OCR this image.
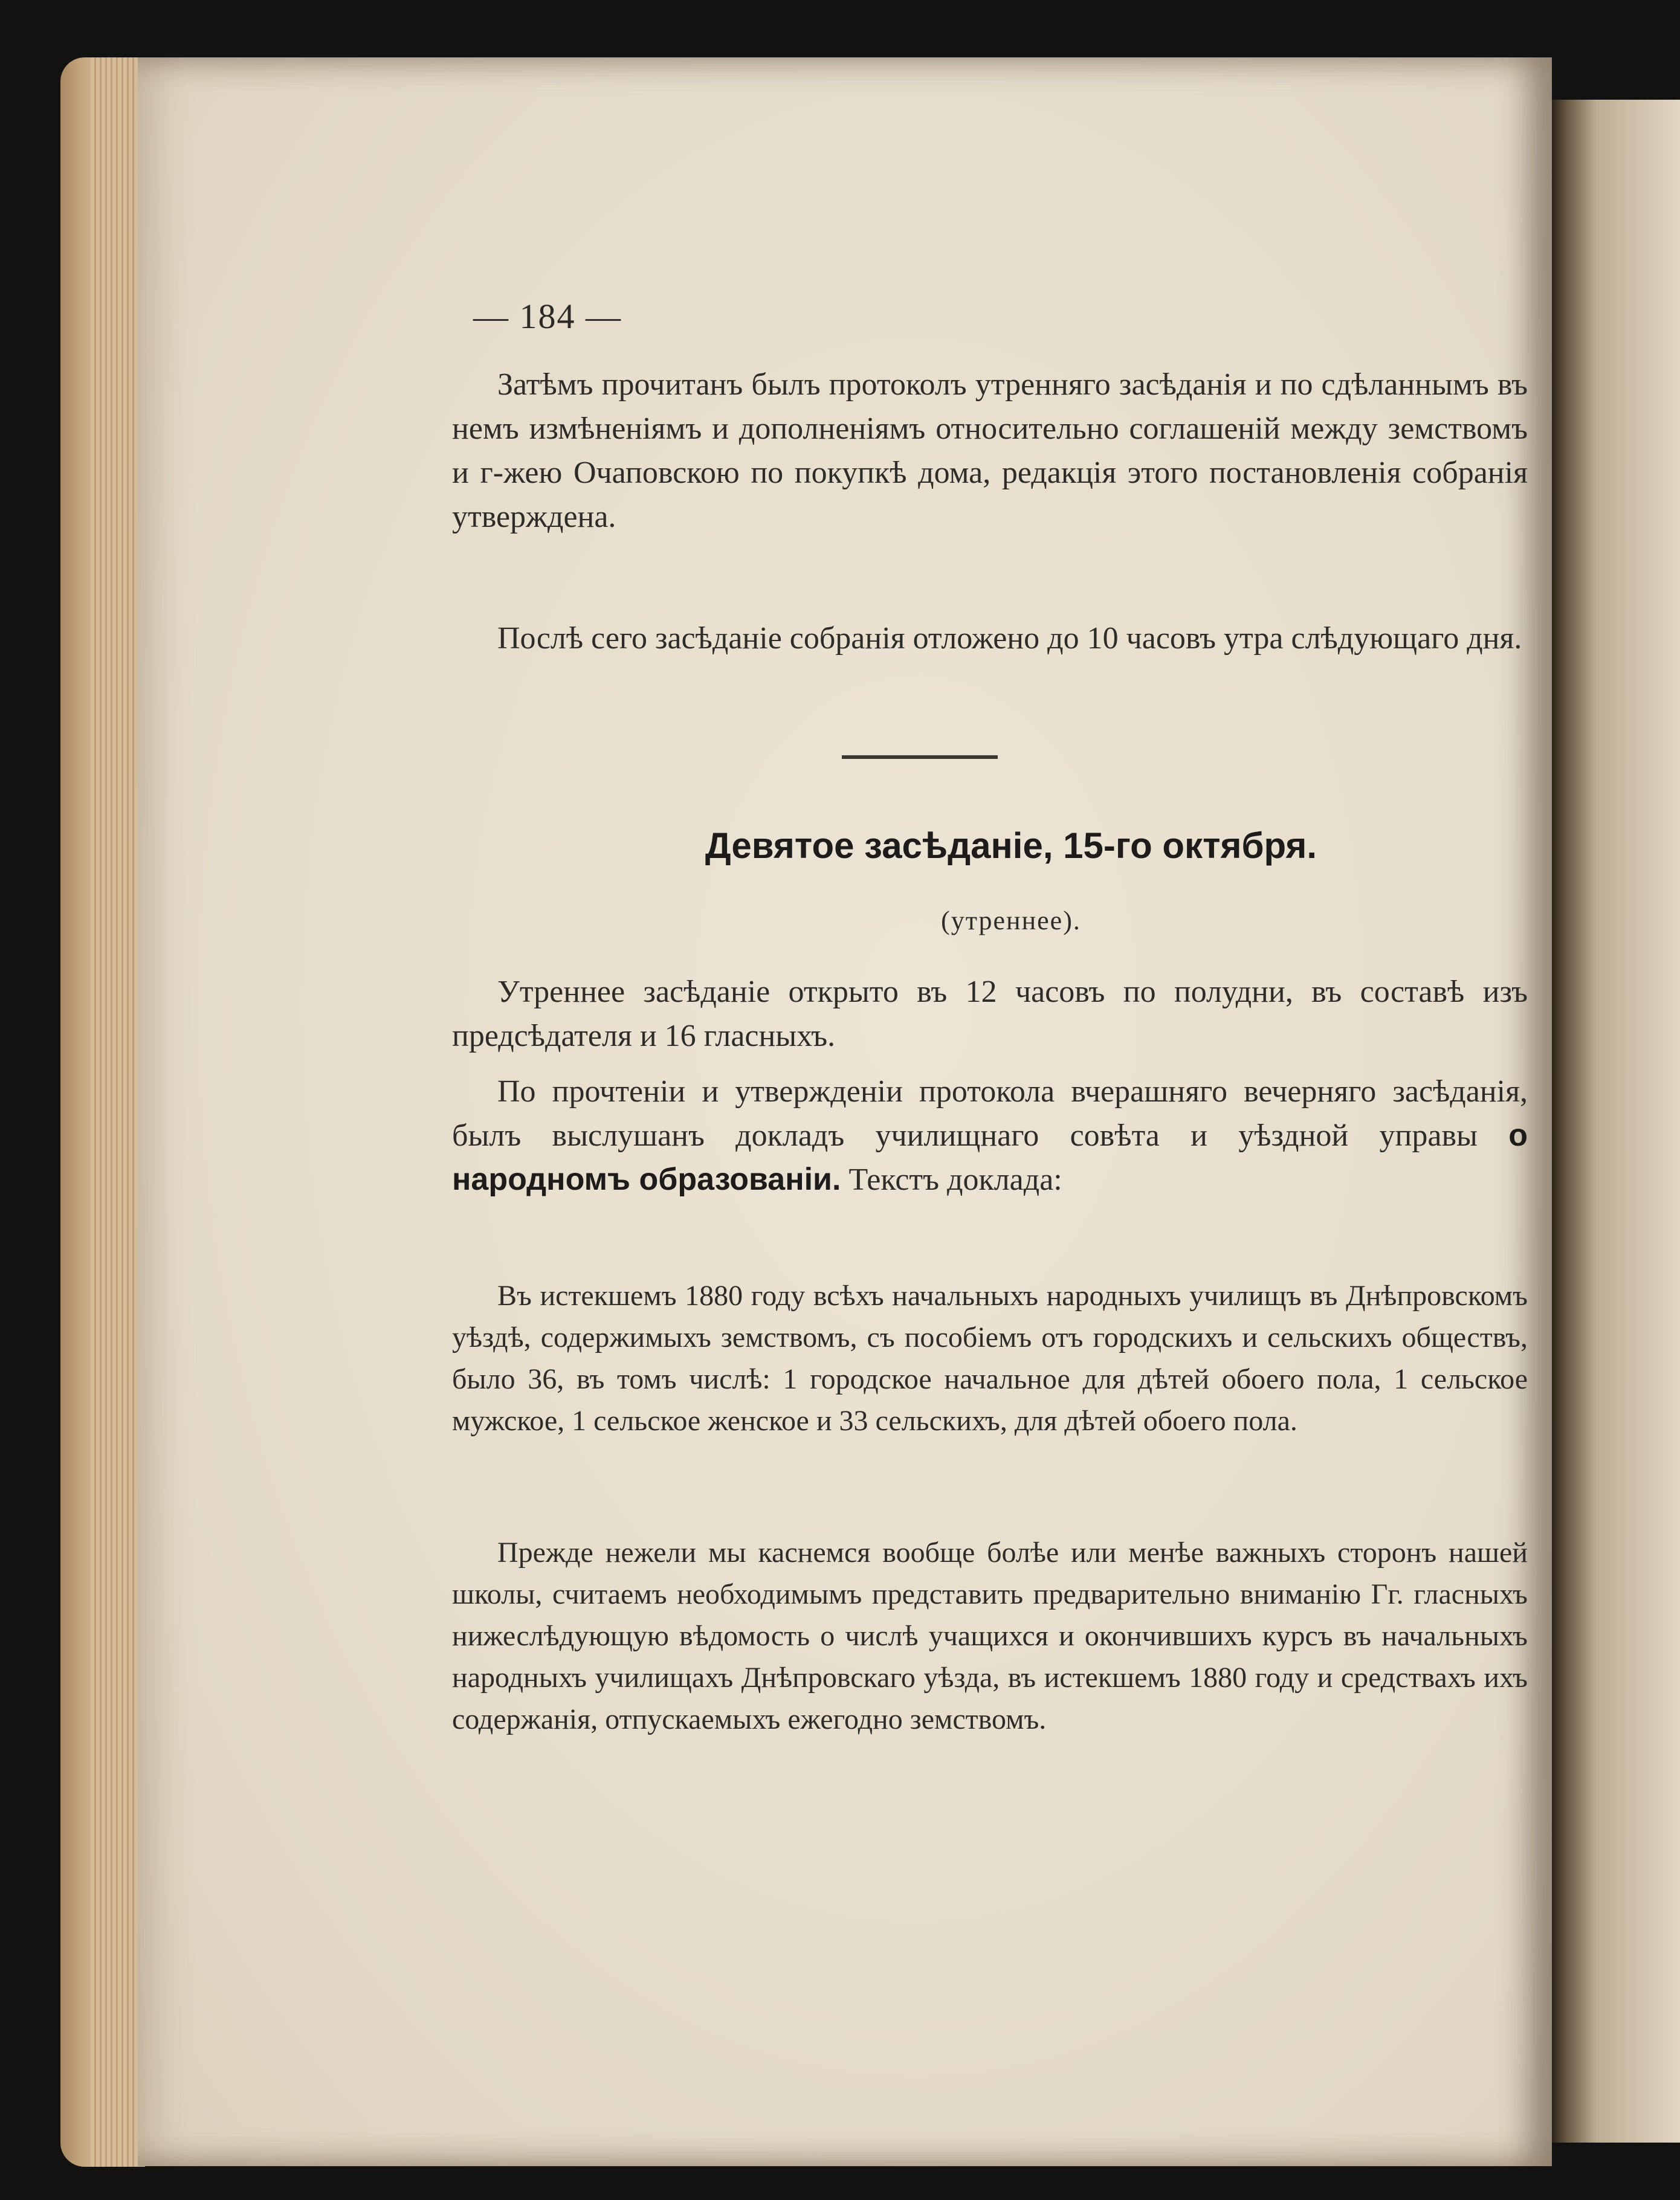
— 184 —

Затѣмъ прочитанъ былъ протоколъ утренняго засѣданія и по сдѣланнымъ въ немъ измѣненіямъ и дополненіямъ относительно соглашеній между земствомъ и г-жею Очаповскою по покупкѣ дома, редакція этого постановленія собранія утверждена.

Послѣ сего засѣданіе собранія отложено до 10 часовъ утра слѣдующаго дня.

Девятое засѣданіе, 15-го октября.
(утреннее).

Утреннее засѣданіе открыто въ 12 часовъ по полудни, въ составѣ изъ предсѣдателя и 16 гласныхъ.

По прочтеніи и утвержденіи протокола вчерашняго вечерняго засѣданія, былъ выслушанъ докладъ училищнаго совѣта и уѣздной управы о народномъ образованіи. Текстъ доклада:

Въ истекшемъ 1880 году всѣхъ начальныхъ народныхъ училищъ въ Днѣпровскомъ уѣздѣ, содержимыхъ земствомъ, съ пособіемъ отъ городскихъ и сельскихъ обществъ, было 36, въ томъ числѣ: 1 городское начальное для дѣтей обоего пола, 1 сельское мужское, 1 сельское женское и 33 сельскихъ, для дѣтей обоего пола.

Прежде нежели мы каснемся вообще болѣе или менѣе важныхъ сторонъ нашей школы, считаемъ необходимымъ представить предварительно вниманію Гг. гласныхъ нижеслѣдующую вѣдомость о числѣ учащихся и окончившихъ курсъ въ начальныхъ народныхъ училищахъ Днѣпровскаго уѣзда, въ истекшемъ 1880 году и средствахъ ихъ содержанія, отпускаемыхъ ежегодно земствомъ.
